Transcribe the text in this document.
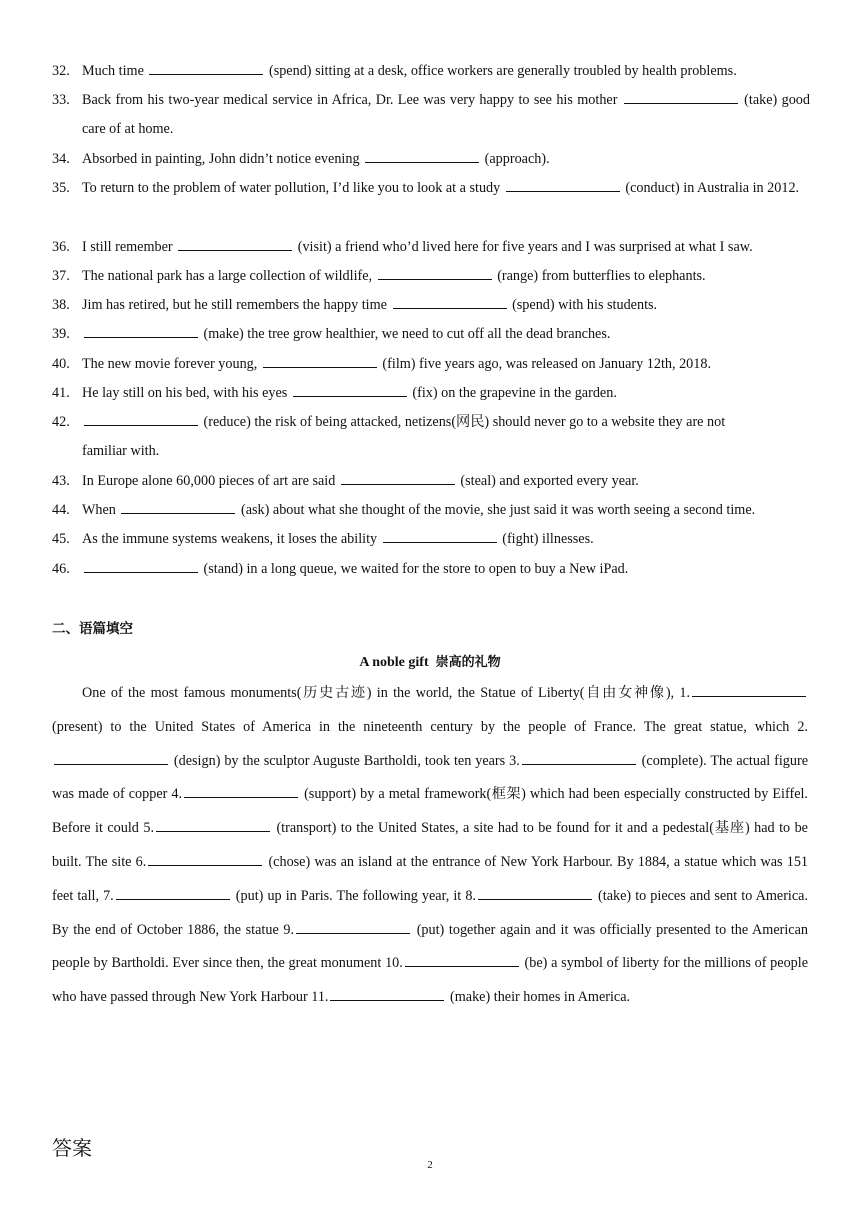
32. Much time	(spend) sitting at a desk, office workers are generally troubled by health problems.
33. Back from his two-year medical service in Africa, Dr. Lee was very happy to see his mother	(take) good care of at home.
34. Absorbed in painting, John didn’t notice evening	(approach).
35. To return to the problem of water pollution, I’d like you to look at a study	(conduct) in Australia in 2012.
36. I still remember	(visit) a friend who’d lived here for five years and I was surprised at what I saw.
37. The national park has a large collection of wildlife,	(range) from butterflies to elephants.
38. Jim has retired, but he still remembers the happy time	(spend) with his students.
39.	(make) the tree grow healthier, we need to cut off all the dead branches.
40. The new movie forever young,	(film) five years ago, was released on January 12th, 2018.
41. He lay still on his bed, with his eyes	(fix) on the grapevine in the garden.
42.	(reduce) the risk of being attacked, netizens(网民) should never go to a website they are not familiar with.
43. In Europe alone 60,000 pieces of art are said	(steal) and exported every year.
44. When	(ask) about what she thought of the movie, she just said it was worth seeing a second time.
45. As the immune systems weakens, it loses the ability	(fight) illnesses.
46.	(stand) in a long queue, we waited for the store to open to buy a New iPad.
二、语篇填空
A noble gift 崇高的礼物
One of the most famous monuments(历史古迹) in the world, the Statue of Liberty(自由女神像), 1. (present) to the United States of America in the nineteenth century by the people of France. The great statue, which 2. (design) by the sculptor Auguste Bartholdi, took ten years 3.	(complete). The actual figure was made of copper 4.	(support) by a metal framework(框架) which had been especially constructed by Eiffel. Before it could 5.	(transport) to the United States, a site had to be found for it and a pedestal(基座) had to be built. The site 6.	(chose) was an island at the entrance of New York Harbour. By 1884, a statue which was 151 feet tall, 7.	(put) up in Paris. The following year, it 8.	(take) to pieces and sent to America. By the end of October 1886, the statue 9.	(put) together again and it was officially presented to the American people by Bartholdi. Ever since then, the great monument 10.	(be) a symbol of liberty for the millions of people who have passed through New York Harbour 11.	(make) their homes in America.
答案
2
